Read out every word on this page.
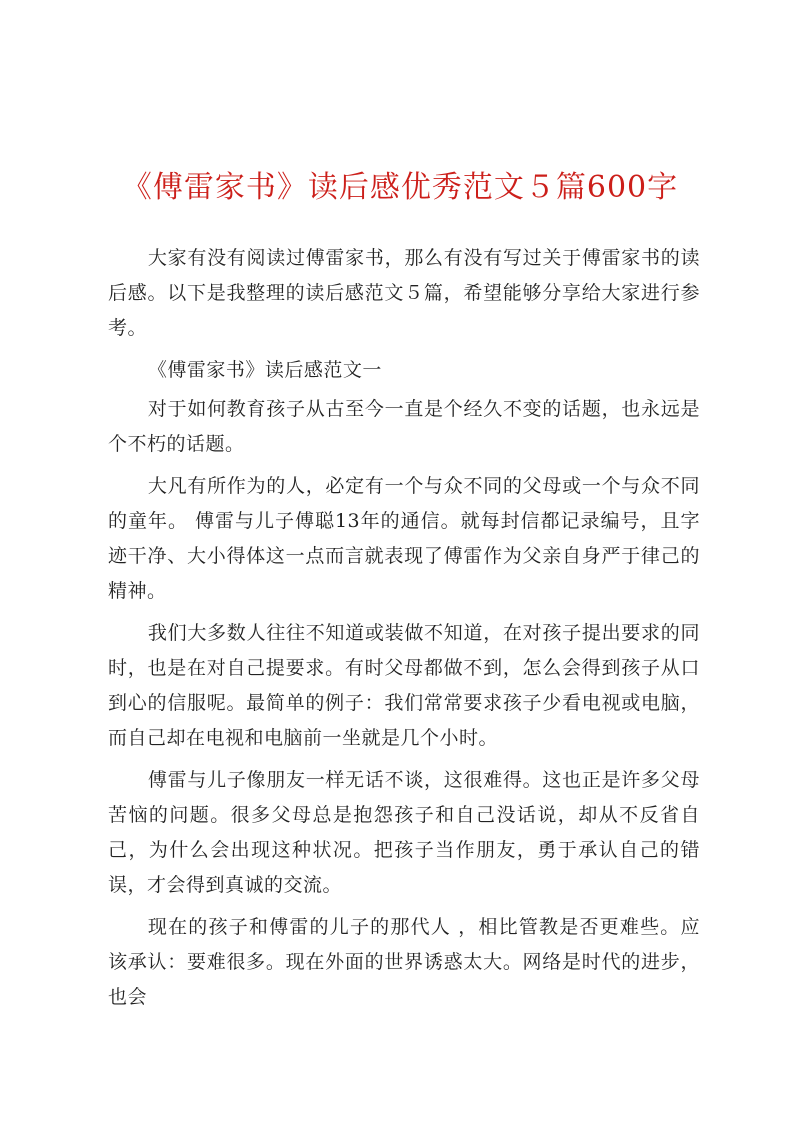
《傅雷家书》读后感优秀范文５篇600字

大家有没有阅读过傅雷家书，那么有没有写过关于傅雷家书的读后感。以下是我整理的读后感范文５篇，希望能够分享给大家进行参考。

《傅雷家书》读后感范文一

对于如何教育孩子从古至今一直是个经久不变的话题，也永远是个不朽的话题。

大凡有所作为的人，必定有一个与众不同的父母或一个与众不同的童年。 傅雷与儿子傅聪13年的通信。就每封信都记录编号，且字迹干净、大小得体这一点而言就表现了傅雷作为父亲自身严于律己的精神。

我们大多数人往往不知道或装做不知道，在对孩子提出要求的同时，也是在对自己提要求。有时父母都做不到，怎么会得到孩子从口到心的信服呢。最简单的例子：我们常常要求孩子少看电视或电脑，而自己却在电视和电脑前一坐就是几个小时。

傅雷与儿子像朋友一样无话不谈，这很难得。这也正是许多父母苦恼的问题。很多父母总是抱怨孩子和自己没话说，却从不反省自己，为什么会出现这种状况。把孩子当作朋友，勇于承认自己的错误，才会得到真诚的交流。

现在的孩子和傅雷的儿子的那代人 ，相比管教是否更难些。应该承认：要难很多。现在外面的世界诱惑太大。网络是时代的进步，也会
